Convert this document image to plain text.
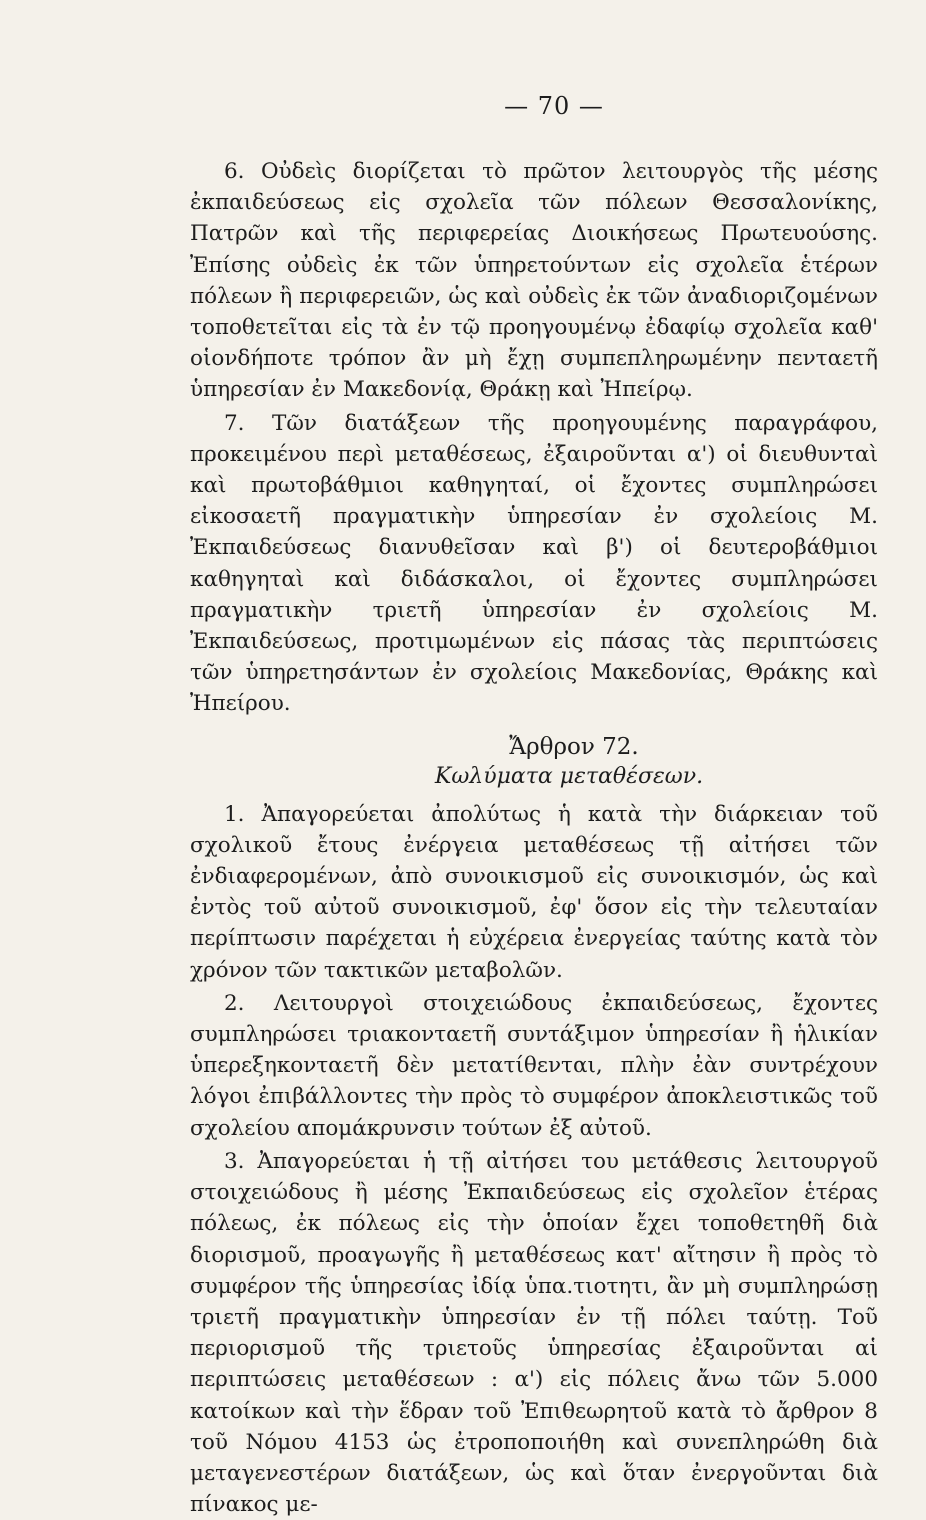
— 70 —

6. Οὐδεὶς διορίζεται τὸ πρῶτον λειτουργὸς τῆς μέσης ἐκπαιδεύσεως εἰς σχολεῖα τῶν πόλεων Θεσσαλονίκης, Πατρῶν καὶ τῆς περιφερείας Διοικήσεως Πρωτευούσης. Ἐπίσης οὐδεὶς ἐκ τῶν ὑπηρετούντων εἰς σχολεῖα ἑτέρων πόλεων ἢ περιφερειῶν, ὡς καὶ οὐδεὶς ἐκ τῶν ἀναδιοριζομένων τοποθετεῖται εἰς τὰ ἐν τῷ προηγουμένῳ ἐδαφίῳ σχολεῖα καθ' οἱονδήποτε τρόπον ἂν μὴ ἔχῃ συμπεπληρωμένην πενταετῆ ὑπηρεσίαν ἐν Μακεδονίᾳ, Θράκῃ καὶ Ἠπείρῳ.

7. Τῶν διατάξεων τῆς προηγουμένης παραγράφου, προκειμένου περὶ μεταθέσεως, ἐξαιροῦνται α') οἱ διευθυνταὶ καὶ πρωτοβάθμιοι καθηγηταί, οἱ ἔχοντες συμπληρώσει εἰκοσαετῆ πραγματικὴν ὑπηρεσίαν ἐν σχολείοις Μ. Ἐκπαιδεύσεως διανυθεῖσαν καὶ β') οἱ δευτεροβάθμιοι καθηγηταὶ καὶ διδάσκαλοι, οἱ ἔχοντες συμπληρώσει πραγματικὴν τριετῆ ὑπηρεσίαν ἐν σχολείοις Μ. Ἐκπαιδεύσεως, προτιμωμένων εἰς πάσας τὰς περιπτώσεις τῶν ὑπηρετησάντων ἐν σχολείοις Μακεδονίας, Θράκης καὶ Ἠπείρου.

Ἄρθρον 72.
Κωλύματα μεταθέσεων.

1. Ἀπαγορεύεται ἀπολύτως ἡ κατὰ τὴν διάρκειαν τοῦ σχολικοῦ ἔτους ἐνέργεια μεταθέσεως τῇ αἰτήσει τῶν ἐνδιαφερομένων, ἀπὸ συνοικισμοῦ εἰς συνοικισμόν, ὡς καὶ ἐντὸς τοῦ αὐτοῦ συνοικισμοῦ, ἐφ' ὅσον εἰς τὴν τελευταίαν περίπτωσιν παρέχεται ἡ εὐχέρεια ἐνεργείας ταύτης κατὰ τὸν χρόνον τῶν τακτικῶν μεταβολῶν.

2. Λειτουργοὶ στοιχειώδους ἐκπαιδεύσεως, ἔχοντες συμπληρώσει τριακονταετῆ συντάξιμον ὑπηρεσίαν ἢ ἡλικίαν ὑπερεξηκονταετῆ δὲν μετατίθενται, πλὴν ἐὰν συντρέχουν λόγοι ἐπιβάλλοντες τὴν πρὸς τὸ συμφέρον ἀποκλειστικῶς τοῦ σχολείου απομάκρυνσιν τούτων ἐξ αὐτοῦ.

3. Ἀπαγορεύεται ἡ τῇ αἰτήσει του μετάθεσις λειτουργοῦ στοιχειώδους ἢ μέσης Ἐκπαιδεύσεως εἰς σχολεῖον ἑτέρας πόλεως, ἐκ πόλεως εἰς τὴν ὁποίαν ἔχει τοποθετηθῆ διὰ διορισμοῦ, προαγωγῆς ἢ μεταθέσεως κατ' αἴτησιν ἢ πρὸς τὸ συμφέρον τῆς ὑπηρεσίας ἰδίᾳ ὑπα.τιοτητι, ἂν μὴ συμπληρώσῃ τριετῆ πραγματικὴν ὑπηρεσίαν ἐν τῇ πόλει ταύτῃ. Τοῦ περιορισμοῦ τῆς τριετοῦς ὑπηρεσίας ἐξαιροῦνται αἱ περιπτώσεις μεταθέσεων : α') εἰς πόλεις ἄνω τῶν 5.000 κατοίκων καὶ τὴν ἕδραν τοῦ Ἐπιθεωρητοῦ κατὰ τὸ ἄρθρον 8 τοῦ Νόμου 4153 ὡς ἐτροποποιήθη καὶ συνεπληρώθη διὰ μεταγενεστέρων διατάξεων, ὡς καὶ ὅταν ἐνεργοῦνται διὰ πίνακος με-
